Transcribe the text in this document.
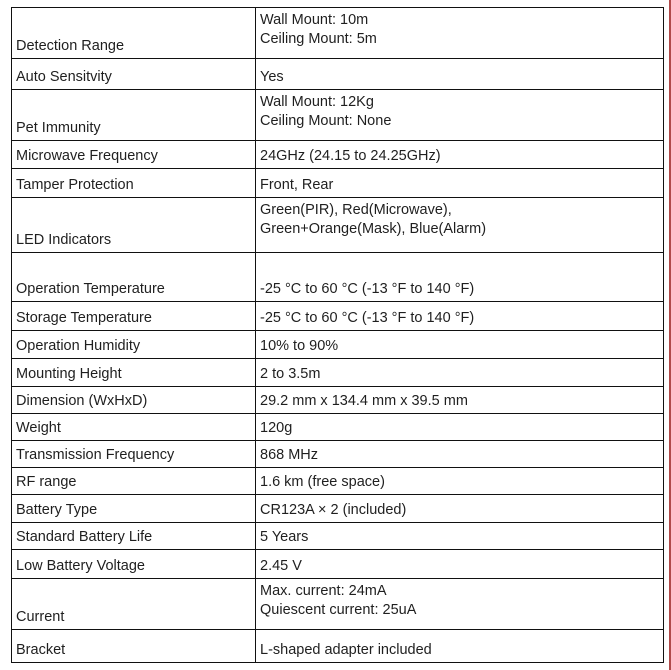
Detection Range	Wall Mount: 10m
Ceiling Mount: 5m

Auto Sensitvity	Yes

Pet Immunity	Wall Mount: 12Kg
Ceiling Mount: None

Microwave Frequency	24GHz (24.15 to 24.25GHz)

Tamper Protection	Front, Rear

LED Indicators	Green(PIR), Red(Microwave),
Green+Orange(Mask), Blue(Alarm)

Operation Temperature	-25 °C to 60 °C (-13 °F to 140 °F)

Storage Temperature	-25 °C to 60 °C (-13 °F to 140 °F)

Operation Humidity	10% to 90%

Mounting Height	2 to 3.5m

Dimension (WxHxD)	29.2 mm x 134.4 mm x 39.5 mm

Weight	120g

Transmission Frequency	868 MHz

RF range	1.6 km (free space)

Battery Type	CR123A × 2 (included)

Standard Battery Life	5 Years

Low Battery Voltage	2.45 V

Current	Max. current: 24mA
Quiescent current: 25uA

Bracket	L-shaped adapter included
